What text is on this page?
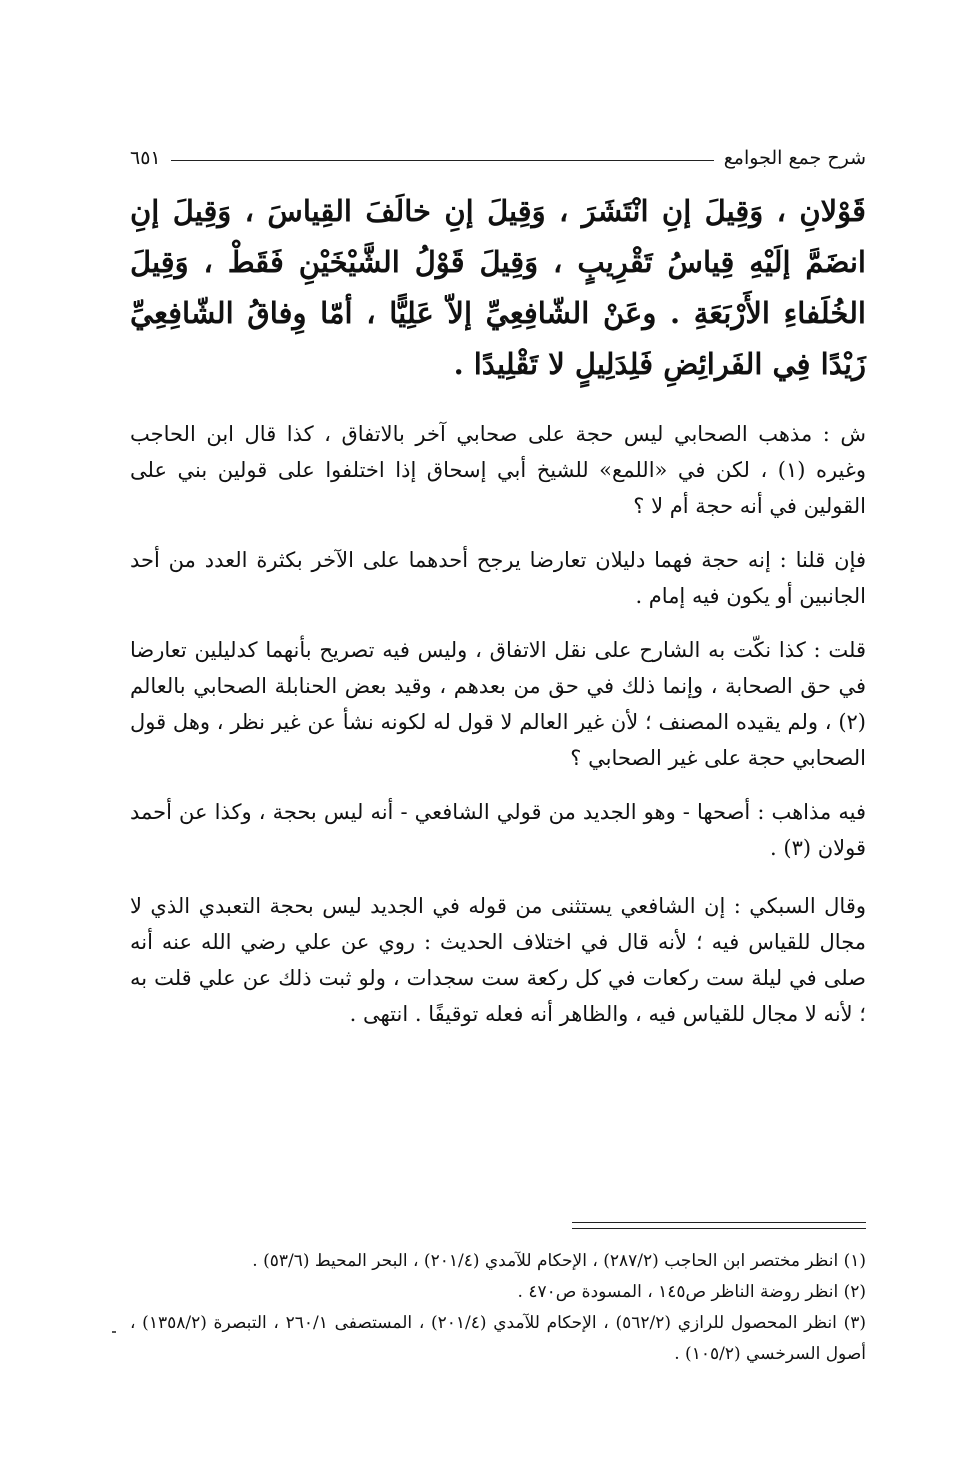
شرح جمع الجوامع
٦٥١
قَوْلانِ ، وَقِيلَ إنِ انْتَشَرَ ، وَقِيلَ إنِ خالَفَ القِياسَ ، وَقِيلَ إنِ انضَمَّ إلَيْهِ قِياسُ تَقْرِيبٍ ، وَقِيلَ قَوْلُ الشَّيْخَيْنِ فَقَطْ ، وَقِيلَ الخُلَفاءِ الأَرْبَعَةِ . وعَنْ الشّافِعِيِّ إلاّ عَلِيًّا ، أمّا وِفاقُ الشّافِعِيِّ زَيْدًا فِي الفَرائِضِ فَلِدَلِيلٍ لا تَقْلِيدًا .
ش : مذهب الصحابي ليس حجة على صحابي آخر بالاتفاق ، كذا قال ابن الحاجب وغيره (١) ، لكن في «اللمع» للشيخ أبي إسحاق إذا اختلفوا على قولين بني على القولين في أنه حجة أم لا ؟
فإن قلنا : إنه حجة فهما دليلان تعارضا يرجح أحدهما على الآخر بكثرة العدد من أحد الجانبين أو يكون فيه إمام .
قلت : كذا نكّت به الشارح على نقل الاتفاق ، وليس فيه تصريح بأنهما كدليلين تعارضا في حق الصحابة ، وإنما ذلك في حق من بعدهم ، وقيد بعض الحنابلة الصحابي بالعالم (٢) ، ولم يقيده المصنف ؛ لأن غير العالم لا قول له لكونه نشأ عن غير نظر ، وهل قول الصحابي حجة على غير الصحابي ؟
فيه مذاهب : أصحها - وهو الجديد من قولي الشافعي - أنه ليس بحجة ، وكذا عن أحمد قولان (٣) .
وقال السبكي : إن الشافعي يستثنى من قوله في الجديد ليس بحجة التعبدي الذي لا مجال للقياس فيه ؛ لأنه قال في اختلاف الحديث : روي عن علي رضي الله عنه أنه صلى في ليلة ست ركعات في كل ركعة ست سجدات ، ولو ثبت ذلك عن علي قلت به ؛ لأنه لا مجال للقياس فيه ، والظاهر أنه فعله توقيفًا . انتهى .

(١) انظر مختصر ابن الحاجب (٢٨٧/٢) ، الإحكام للآمدي (٢٠١/٤) ، البحر المحيط (٥٣/٦) .

(٢) انظر روضة الناظر ص١٤٥ ، المسودة ص٤٧٠ .

(٣) انظر المحصول للرازي (٥٦٢/٢) ، الإحكام للآمدي (٢٠١/٤) ، المستصفى ٢٦٠/١ ، التبصرة (١٣٥٨/٢) ، أصول السرخسي (١٠٥/٢) .
